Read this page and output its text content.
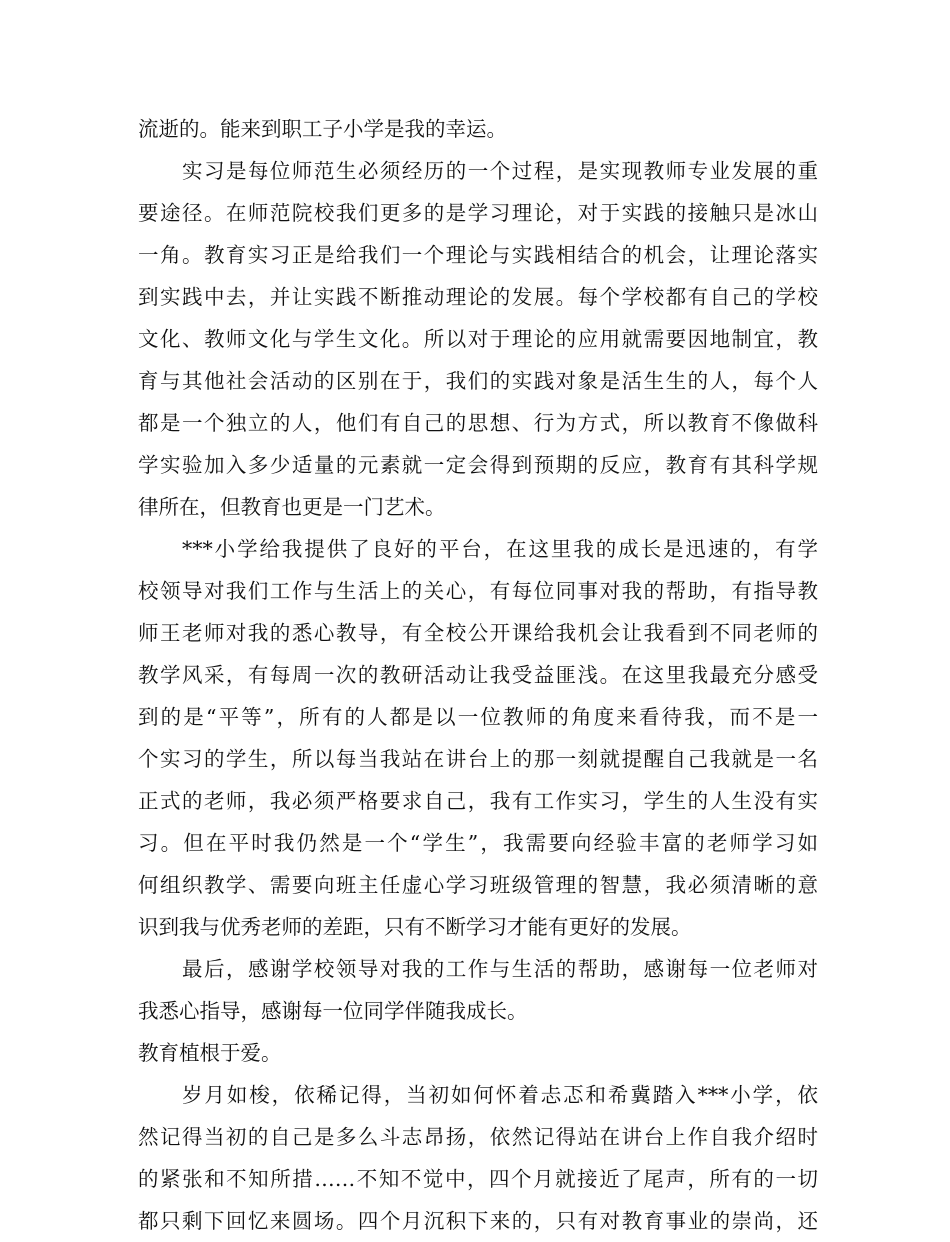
流逝的。能来到职工子小学是我的幸运。
实习是每位师范生必须经历的一个过程，是实现教师专业发展的重
要途径。在师范院校我们更多的是学习理论，对于实践的接触只是冰山
一角。教育实习正是给我们一个理论与实践相结合的机会，让理论落实
到实践中去，并让实践不断推动理论的发展。每个学校都有自己的学校
文化、教师文化与学生文化。所以对于理论的应用就需要因地制宜，教
育与其他社会活动的区别在于，我们的实践对象是活生生的人，每个人
都是一个独立的人，他们有自己的思想、行为方式，所以教育不像做科
学实验加入多少适量的元素就一定会得到预期的反应，教育有其科学规
律所在，但教育也更是一门艺术。
***小学给我提供了良好的平台，在这里我的成长是迅速的，有学
校领导对我们工作与生活上的关心，有每位同事对我的帮助，有指导教
师王老师对我的悉心教导，有全校公开课给我机会让我看到不同老师的
教学风采，有每周一次的教研活动让我受益匪浅。在这里我最充分感受
到的是“平等”，所有的人都是以一位教师的角度来看待我，而不是一
个实习的学生，所以每当我站在讲台上的那一刻就提醒自己我就是一名
正式的老师，我必须严格要求自己，我有工作实习，学生的人生没有实
习。但在平时我仍然是一个“学生”，我需要向经验丰富的老师学习如
何组织教学、需要向班主任虚心学习班级管理的智慧，我必须清晰的意
识到我与优秀老师的差距，只有不断学习才能有更好的发展。
最后，感谢学校领导对我的工作与生活的帮助，感谢每一位老师对
我悉心指导，感谢每一位同学伴随我成长。
教育植根于爱。
岁月如梭，依稀记得，当初如何怀着忐忑和希冀踏入***小学，依
然记得当初的自己是多么斗志昂扬，依然记得站在讲台上作自我介绍时
的紧张和不知所措……不知不觉中，四个月就接近了尾声，所有的一切
都只剩下回忆来圆场。四个月沉积下来的，只有对教育事业的崇尚，还
